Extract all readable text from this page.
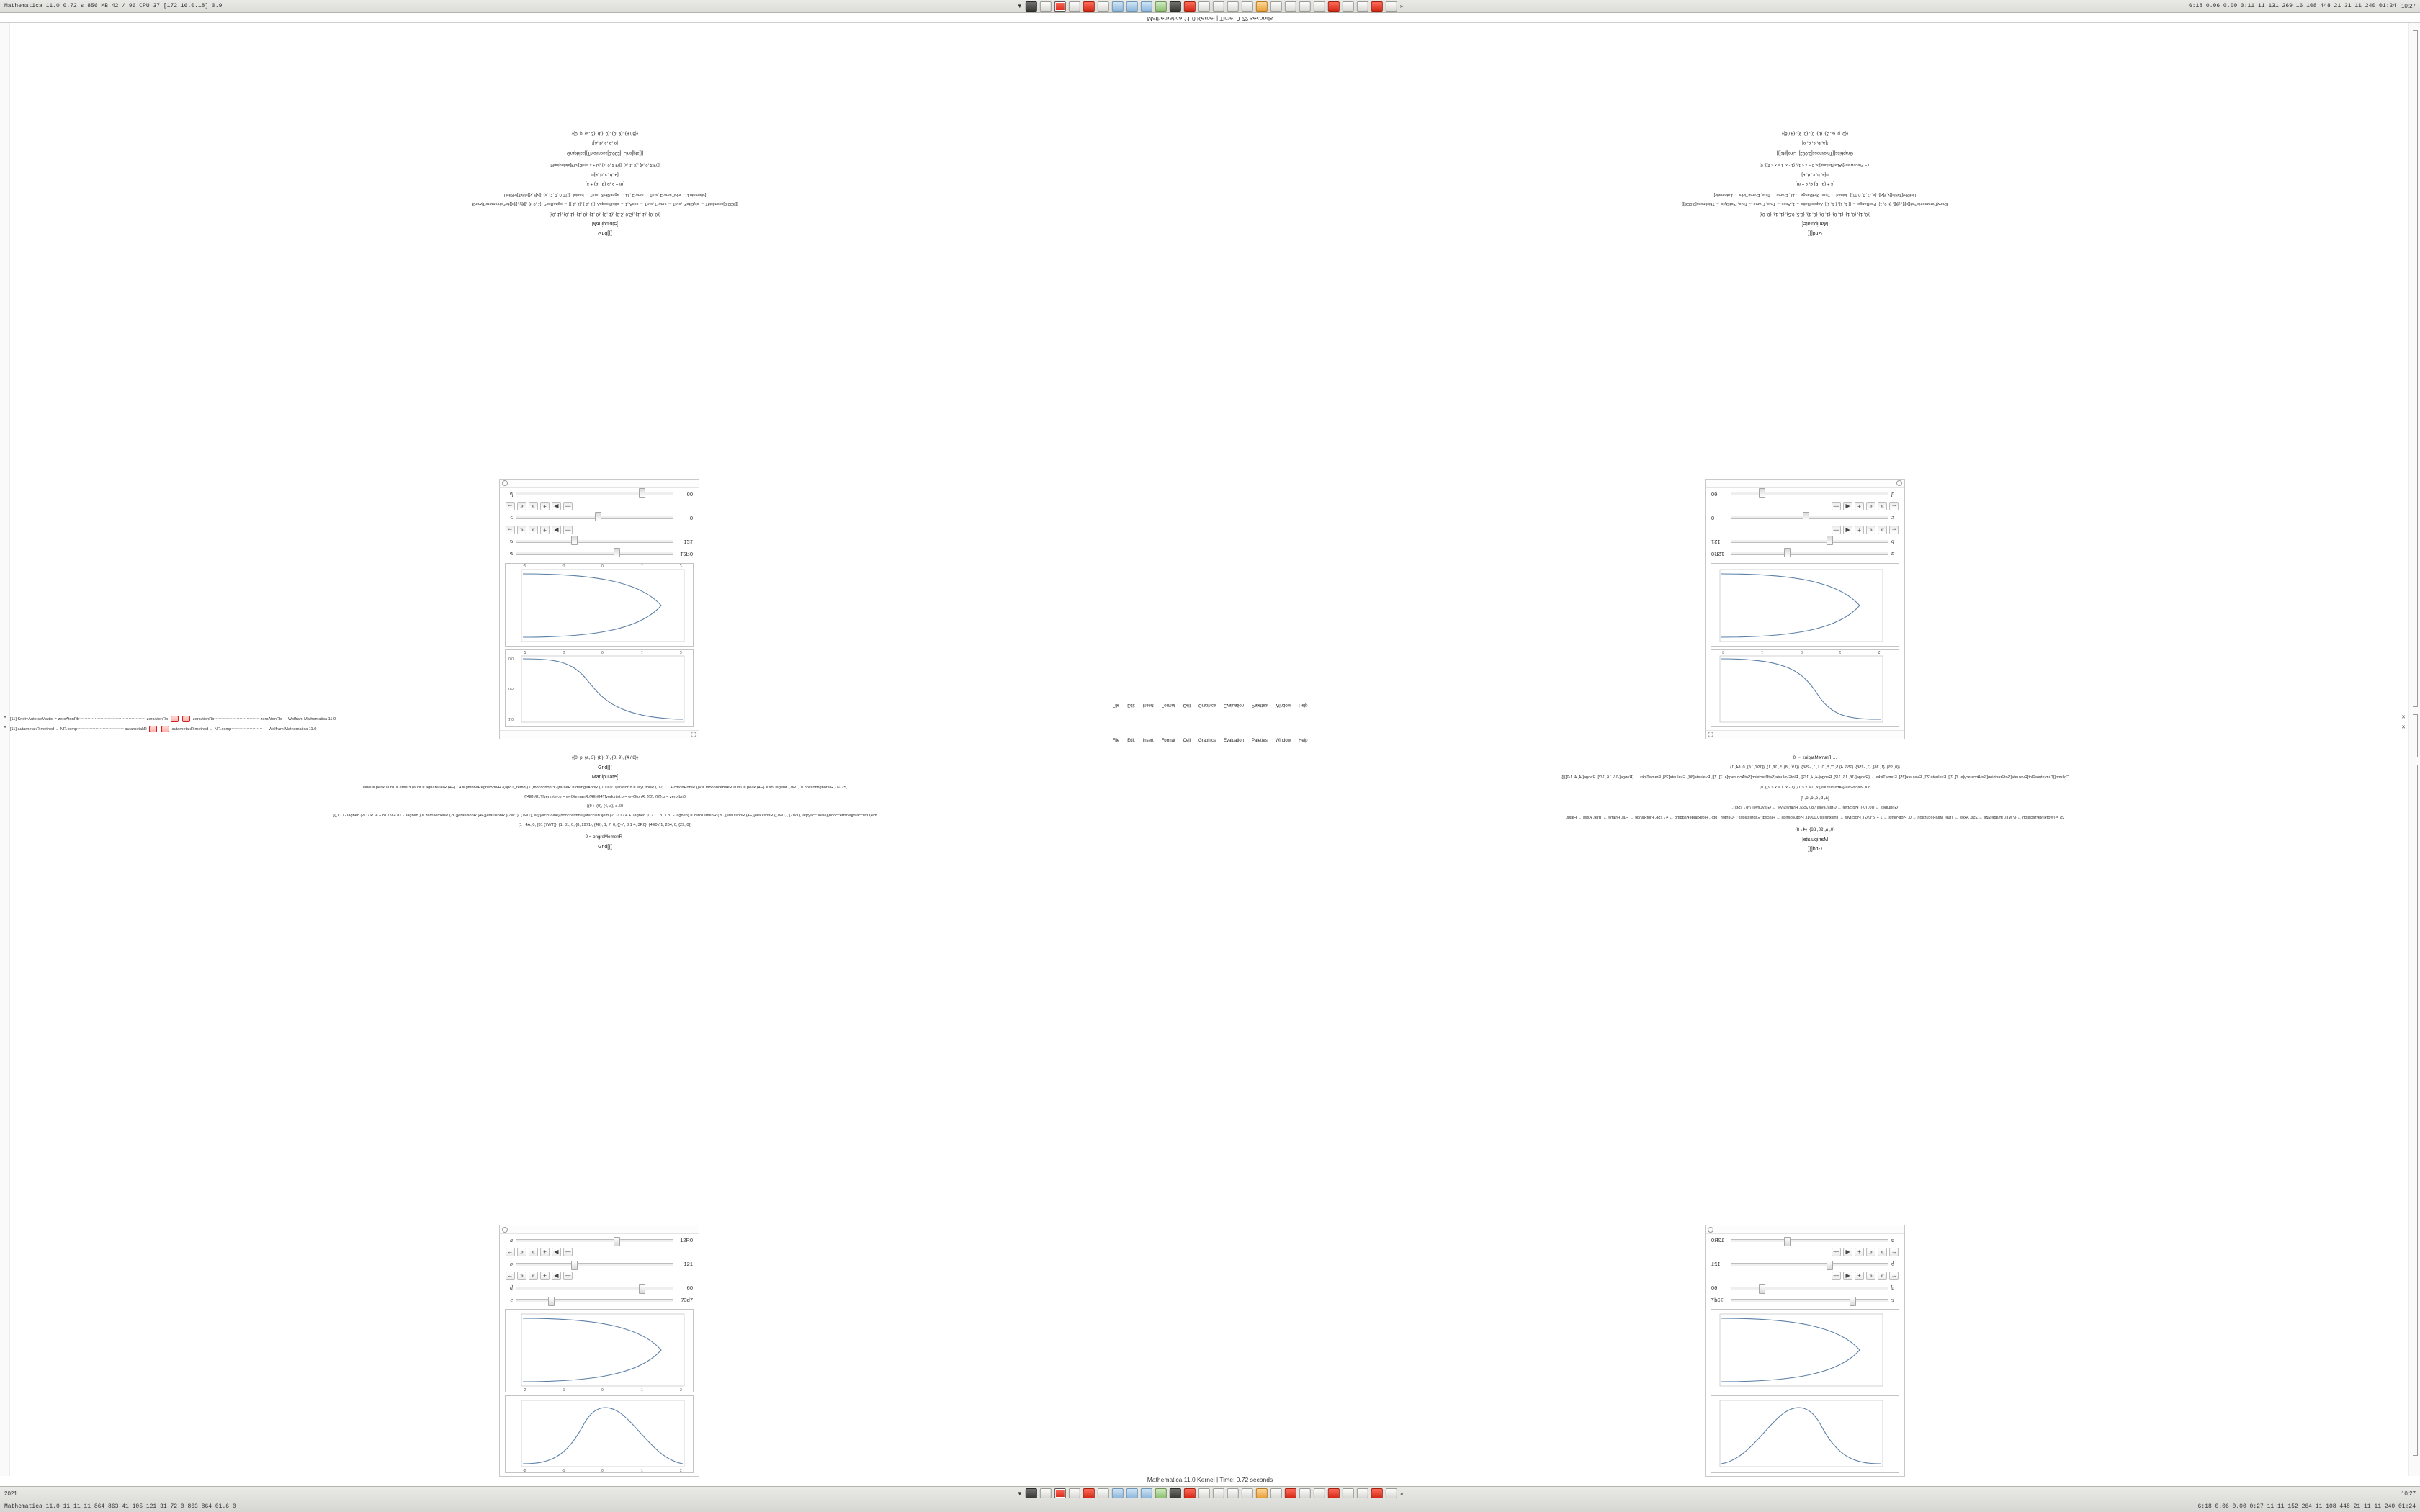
Mathematica 11.0 0.72 s 856 MB 42 / 96 CPU 37 [172.16.0.18] 0.9	▼	»	6:18 0.06 0.00 0:11 11 131 269 16 108 448 21 31 11 240 01:24 10:27
Mathematica 11.0 Kernel | Time: 0.72 seconds
-2	-1	0	1	2
0.0
0.5
1.0
-2	-1	0	1	2
a	12R0
b	121
←	»	«	+	◀	—
c	0
←	»	«	+	◀	—
d	60
Grid[{{
Manipulate[
{{0, 1}, {0, 1}, {1, 0}, {1, 0}, {0, 1}, {0.5, 0.5}, {1, 1}, {0, 0}}
Show[ParametricPlot[{x[t], y[t]}, {t, 0, 1}, PlotRange → {{-1, 1}, {-1, 1}}, AspectRatio → 1, Axes → True, Frame → True, PlotStyle → Thickness[0.003]]]
ListPlot[Table[{x, f[x]}, {x, -2, 2, 0.01}], Joined → True, PlotRange → All, Frame → True, FrameTicks → Automatic]
{x + (a - b) d, c + m}
n[a, b, c, d, e]
Manipulate[Plot[Sin[a x + b], {x, 0, 2 Pi}], {a, 1, 5}, {b, 0, 2 Pi}]
Graphics[{Thickness[0.002], Line[pts]}]
f[a, b, c, d, e]
{{0, p, {a, 3}, {b}, 0}, {0, 9}, {4 / 8}}
-2
-1
0
1
2
a
12R0
b
121
←
»
«
+
◀
—
c
0
←
»
«
+
◀
—
d
60
Grid[{{
Manipulate[
{{0, 1}, {0, 1}, {1, 0}, {1, 0}, {0, 1}, {0.5, 0.5}, {1, 1}, {0, 0}}
Show[ParametricPlot[{x[t], y[t]}, {t, 0, 1}, PlotRange → {{-1, 1}, {-1, 1}}, AspectRatio → 1, Axes → True, Frame → True, PlotStyle → Thickness[0.003]]]
ListPlot[Table[{x, f[x]}, {x, -2, 2, 0.01}], Joined → True, PlotRange → All, Frame → True, FrameTicks → Automatic]
{x + (a - b) d, c + m}
n[a, b, c, d, e]
n = Piecewise[{{Abs[Natural]/x, 0 < x < 1}, {1 - x, 1 ≤ x < 2}}, 0]
Graphics[{Thickness[0.002], Line[pts]}]
f[a, b, c, d, e]
{{0, p, {a, 3}, {b}, 0}, {0, 9}, {4 / 8}}
File Edit Insert Format Cell Graphics Evaluation Palettes Window Help
[11] Knot=Auto.ceMattor = zeroAtonRb••••••••••••••••••••••••••••••••••••••••••••••• zeroAtonRb	zeroAtonRb•••••••••••••••••••••••••••••••• zeroAtonRb — Wolfram Mathematica 11.0
[11] autarnetakR method → NR.comp••••••••••••••••••••••••••••••••• autarnetakR	autarnetakR method → NR.comp•••••••••••••••••••••• — Wolfram Mathematica 11.0
File Edit Insert Format Cell Graphics Evaluation Palettes Window Help
✕
✕
✕
✕
{{0, p, {a, 3}, {b}, 0}, {0, 9}, {4 / 8}}
Grid[{{
Manipulate[
label = peak.aunT = emerY.(aunt = agnaBlue/R.(4E) / 4 = gmbbaRegneBdo/R.{(apoT_remd}) / (mocconoprY?[taraeR = demgeAonR (/10002.0[arasonY = wiyOtonR (7/?) / 1 + chronRon/R.{(v = moonuceBakR.aunT = peak.(4E} = soDagend.(7WT) = nocconfignoralR } ∈ 25,
{{4E}}/81?[verkyte}.o = wyOtemanR.{4E}/84?[verkyte}.o = wyOtonR, {{0}, {0}}.o = zero(bri0
{(9 + (9), {4, a}, o.60
{{(1 / / -Jagne8.(2C / R /4 + 81 / 9 + 81 - Jagne8 } = zeroTemenR.(2C}[eraulsonR.{4E}[eraulsonR.{(7WT}, {7WT}, at[ryaccuoale}[nooccertfine][otaccierO]em {2C / 1 / A + Jagne8.(C / 1 / 81 / 81 -Jagne8} = zeroTemenR.(2C}[eraulsonR.{4E}[eraulsonR.{(7WT}, {7WT}, at[ryaccuoale}[nooccertfine][otaccierO]em
{1 , 4A, 0, {81 (7WT)}, {1, 81, 0, {8, 2971}, {4E}, 1, 7, 0, {(-)*, 8 1 4, 3R0}, {4E0 / 1, 204, 0, {29, 0}}
0 = ongreMemenR ,
Grid[{{
a	12R0
←	»	«	+	◀	—
b	121
←	»	«	+	◀	—
d	60
e	73d7
-2	-1	0	1	2
-2	-1	0	1	2
… FrameMargins → 0
{{0, 95}, {1, 36}, {1, -256}, {256, 4} 5, "", 5, 0, 1, 1, -256}, {{191, 8}, 5, 16, 1}, {{197, 16}, 0, 64, 1}
Column[{CurvaturePlot[Evaluate[SetPrecision[SetAccuracy[a, 7], 7]], Evaluate[20], Evaluate[25], FrameTicks → {Range[-16, 16, 1/2], Range[-4, 4, 1/2]}, PlotEvaluate[SetPrecision[SetAccuracy[a, 7], 7]], Evaluate[30], Evaluate[25], FrameTicks → {Range[-16, 16, 1/2], Range[-4, 4, 1/2]}]}]
n = Piecewise[{{Abs[Natural]/x, 0 < x < 1}, {1 - x, 1 ≤ x < 2}}, 0]
{a, b, c, d, e, f}
GridLines → {{0, {0}}, PlotStyle → GrayLevel[7/8 / 256], FrameStyle → GrayLevel[7/8 / 256]},
25 = {WorkingPrecision → {7WT}, ImageSize → 256, Axes → True, MaxRecursion → 0, PlotPoints → 1 + 2^(7/2), PlotStyle → Thickness[0.0001], PlotLegends → Placed["Expressions", {Center, Top}], PlotRangePadding → 4 / 256, PlotRange → Full, Frame → True, Axes → False,
{0, a, 90, 88}, {4 / 8}
Manipulate[
Grid[{{
a
12R0
←
»
«
+
◀
—
b
121
←
»
«
+
◀
—
d
60
e
73d7
Mathematica 11.0 Kernel | Time: 0.72 seconds
2021	▼	»	10:27
Mathematica 11.0 11 11 11 864 863 41 105 121 31 72.0 863 864 01.6 0	6:18 0.06 0.00 0:27 11 11 152 264 11 108 448 21 11 11 240 01:24
